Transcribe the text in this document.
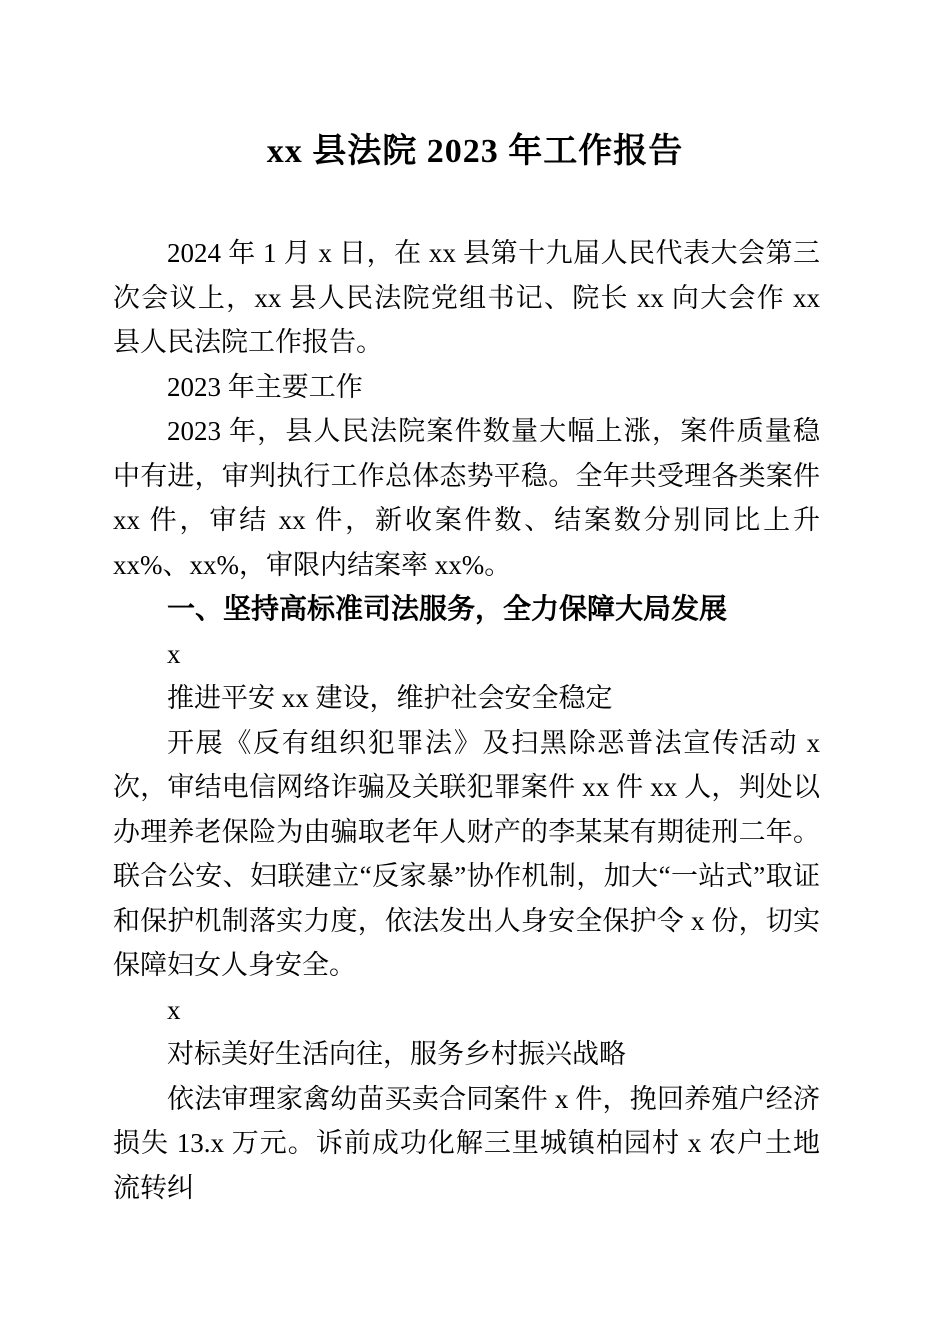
xx 县法院 2023 年工作报告

2024 年 1 月 x 日，在 xx 县第十九届人民代表大会第三次会议上，xx 县人民法院党组书记、院长 xx 向大会作 xx 县人民法院工作报告。

2023 年主要工作

2023 年，县人民法院案件数量大幅上涨，案件质量稳中有进，审判执行工作总体态势平稳。全年共受理各类案件 xx 件，审结 xx 件，新收案件数、结案数分别同比上升 xx%、xx%，审限内结案率 xx%。

一、坚持高标准司法服务，全力保障大局发展

x

推进平安 xx 建设，维护社会安全稳定

开展《反有组织犯罪法》及扫黑除恶普法宣传活动 x 次，审结电信网络诈骗及关联犯罪案件 xx 件 xx 人，判处以办理养老保险为由骗取老年人财产的李某某有期徒刑二年。联合公安、妇联建立“反家暴”协作机制，加大“一站式”取证和保护机制落实力度，依法发出人身安全保护令 x 份，切实保障妇女人身安全。

x

对标美好生活向往，服务乡村振兴战略

依法审理家禽幼苗买卖合同案件 x 件，挽回养殖户经济损失 13.x 万元。诉前成功化解三里城镇柏园村 x 农户土地流转纠
